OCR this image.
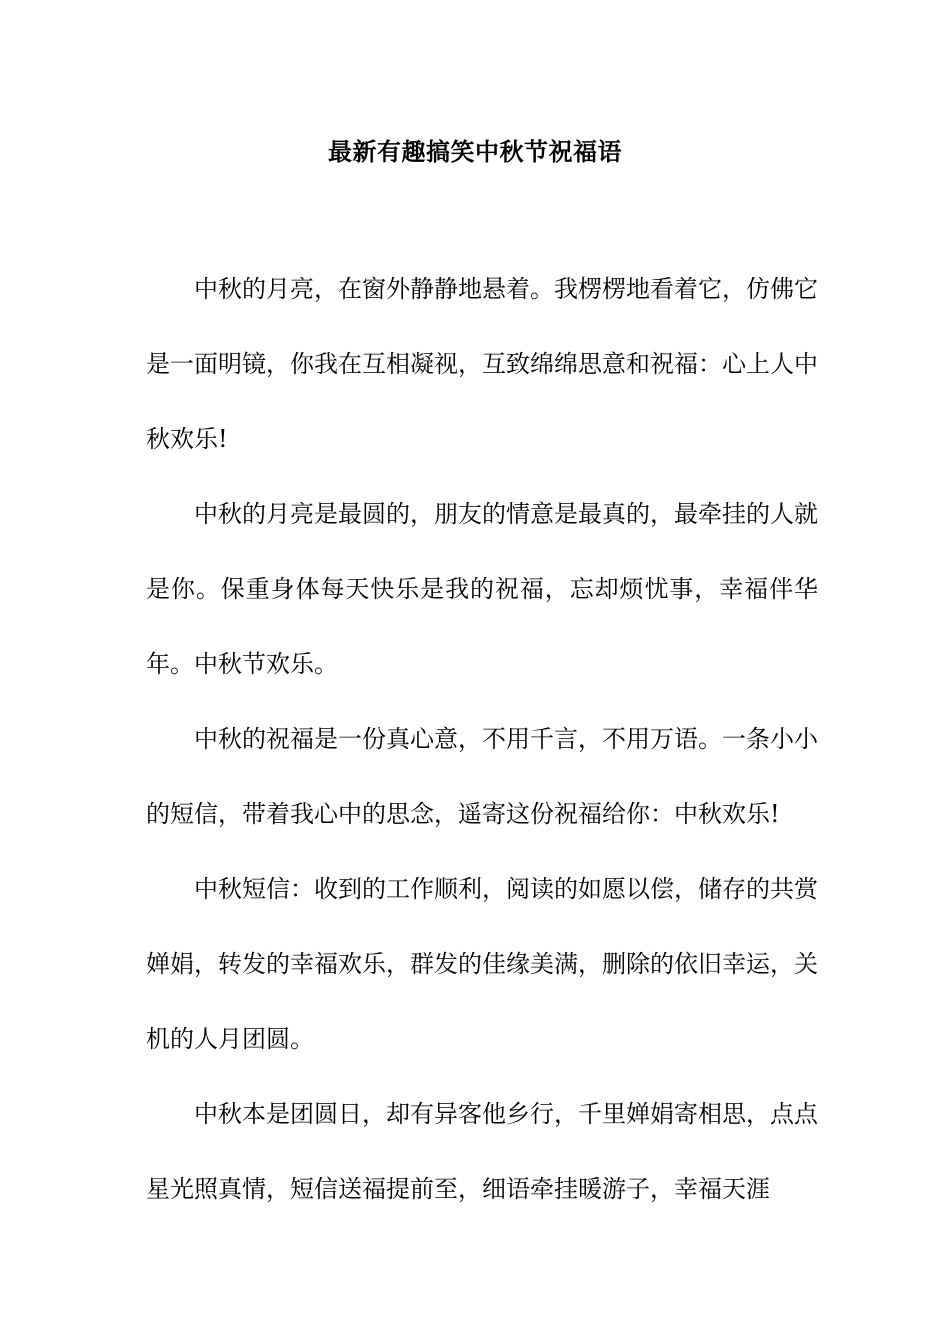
最新有趣搞笑中秋节祝福语

中秋的月亮，在窗外静静地悬着。我楞楞地看着它，仿佛它是一面明镜，你我在互相凝视，互致绵绵思意和祝福：心上人中秋欢乐!

中秋的月亮是最圆的，朋友的情意是最真的，最牵挂的人就是你。保重身体每天快乐是我的祝福，忘却烦忧事，幸福伴华年。中秋节欢乐。

中秋的祝福是一份真心意，不用千言，不用万语。一条小小的短信，带着我心中的思念，遥寄这份祝福给你：中秋欢乐!

中秋短信：收到的工作顺利，阅读的如愿以偿，储存的共赏婵娟，转发的幸福欢乐，群发的佳缘美满，删除的依旧幸运，关机的人月团圆。

中秋本是团圆日，却有异客他乡行，千里婵娟寄相思，点点星光照真情，短信送福提前至，细语牵挂暖游子，幸福天涯
